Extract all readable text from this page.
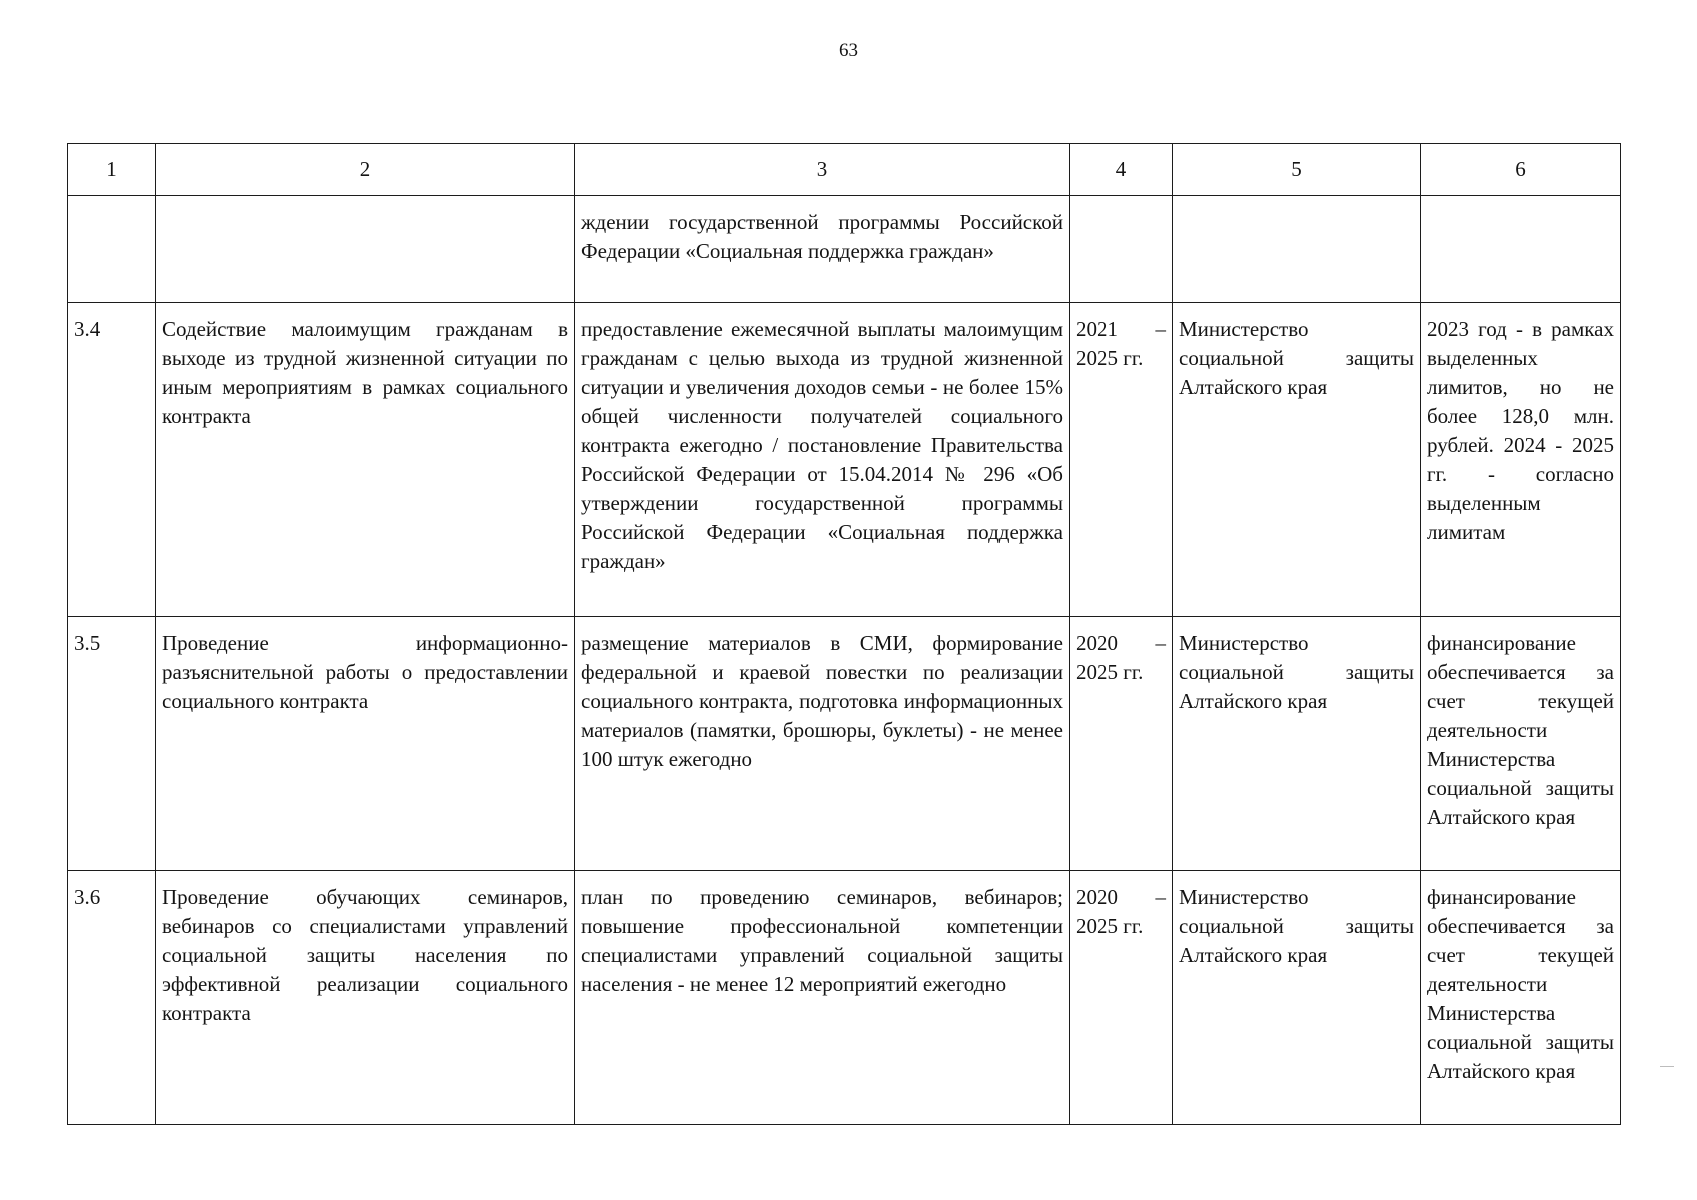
63
1	2	3	4	5	6
		ждении государственной программы Российской Федерации «Социальная поддержка граждан»			
3.4	Содействие малоимущим гражданам в выходе из трудной жизненной ситуации по иным мероприятиям в рамках социального контракта	предоставление ежемесячной выплаты малоимущим гражданам с целью выхода из трудной жизненной ситуации и увеличения доходов семьи - не более 15% общей численности получателей социального контракта ежегодно / постановление Правительства Российской Федерации от 15.04.2014 № 296 «Об утверждении государственной программы Российской Федерации «Социальная поддержка граждан»	2021 – 2025 гг.	Министерство социальной защиты Алтайского края	2023 год - в рамках выделенных лимитов, но не более 128,0 млн. рублей. 2024 - 2025 гг. - согласно выделенным лимитам
3.5	Проведение информационно-разъяснительной работы о предоставлении социального контракта	размещение материалов в СМИ, формирование федеральной и краевой повестки по реализации социального контракта, подготовка информационных материалов (памятки, брошюры, буклеты) - не менее 100 штук ежегодно	2020 – 2025 гг.	Министерство социальной защиты Алтайского края	финансирование обеспечивается за счет текущей деятельности Министерства социальной защиты Алтайского края
3.6	Проведение обучающих семинаров, вебинаров со специалистами управлений социальной защиты населения по эффективной реализации социального контракта	план по проведению семинаров, вебинаров; повышение профессиональной компетенции специалистами управлений социальной защиты населения - не менее 12 мероприятий ежегодно	2020 – 2025 гг.	Министерство социальной защиты Алтайского края	финансирование обеспечивается за счет текущей деятельности Министерства социальной защиты Алтайского края
